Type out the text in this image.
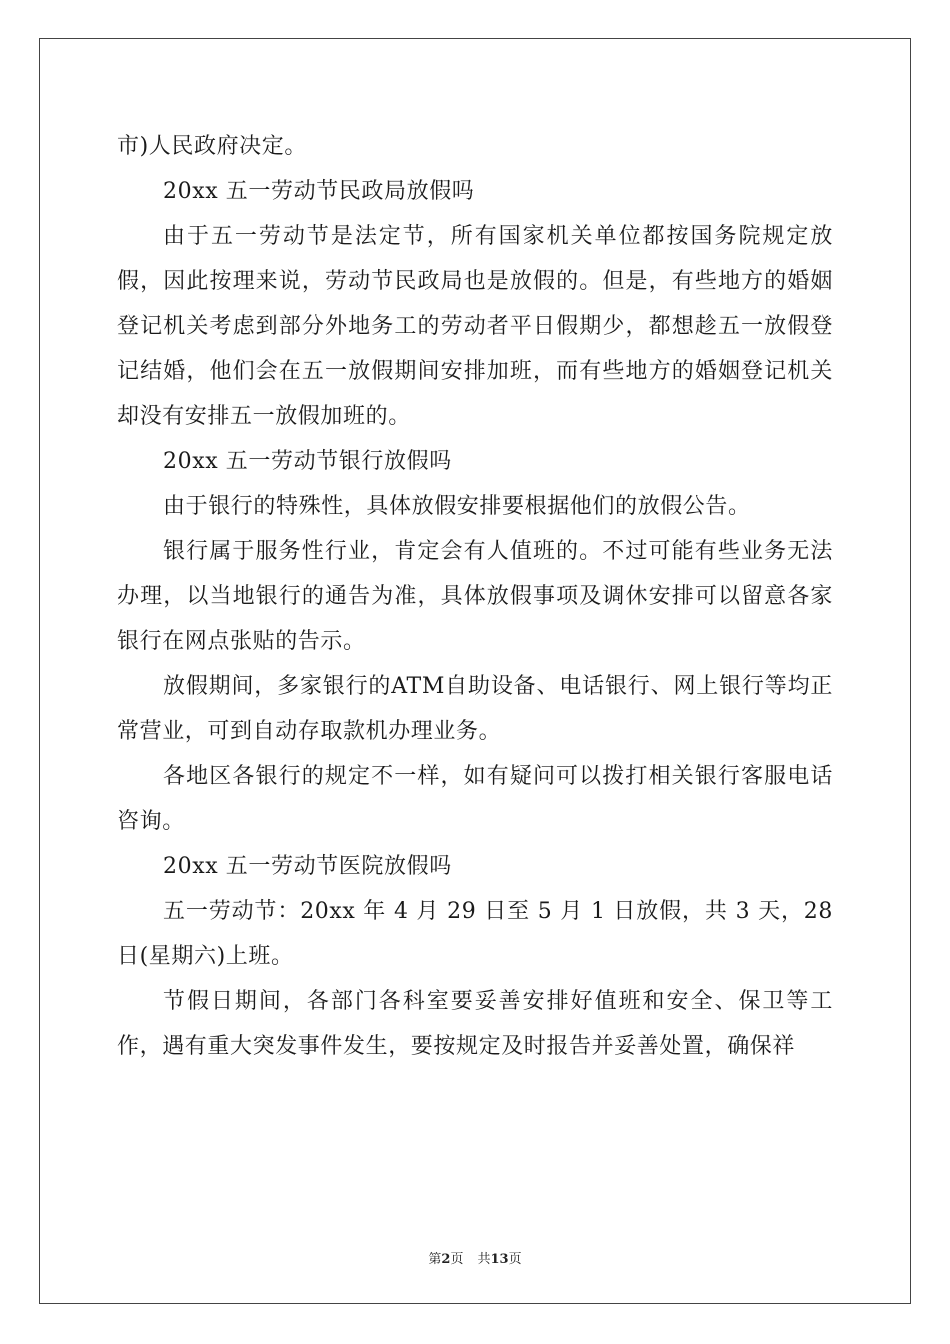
市)人民政府决定。

20xx 五一劳动节民政局放假吗

由于五一劳动节是法定节，所有国家机关单位都按国务院规定放假，因此按理来说，劳动节民政局也是放假的。但是，有些地方的婚姻登记机关考虑到部分外地务工的劳动者平日假期少，都想趁五一放假登记结婚，他们会在五一放假期间安排加班，而有些地方的婚姻登记机关却没有安排五一放假加班的。

20xx 五一劳动节银行放假吗

由于银行的特殊性，具体放假安排要根据他们的放假公告。

银行属于服务性行业，肯定会有人值班的。不过可能有些业务无法办理，以当地银行的通告为准，具体放假事项及调休安排可以留意各家银行在网点张贴的告示。

放假期间，多家银行的ATM自助设备、电话银行、网上银行等均正常营业，可到自动存取款机办理业务。

各地区各银行的规定不一样，如有疑问可以拨打相关银行客服电话咨询。

20xx 五一劳动节医院放假吗

五一劳动节：20xx 年 4 月 29 日至 5 月 1 日放假，共 3 天，28 日(星期六)上班。

节假日期间，各部门各科室要妥善安排好值班和安全、保卫等工作，遇有重大突发事件发生，要按规定及时报告并妥善处置，确保祥

第2页 共13页
